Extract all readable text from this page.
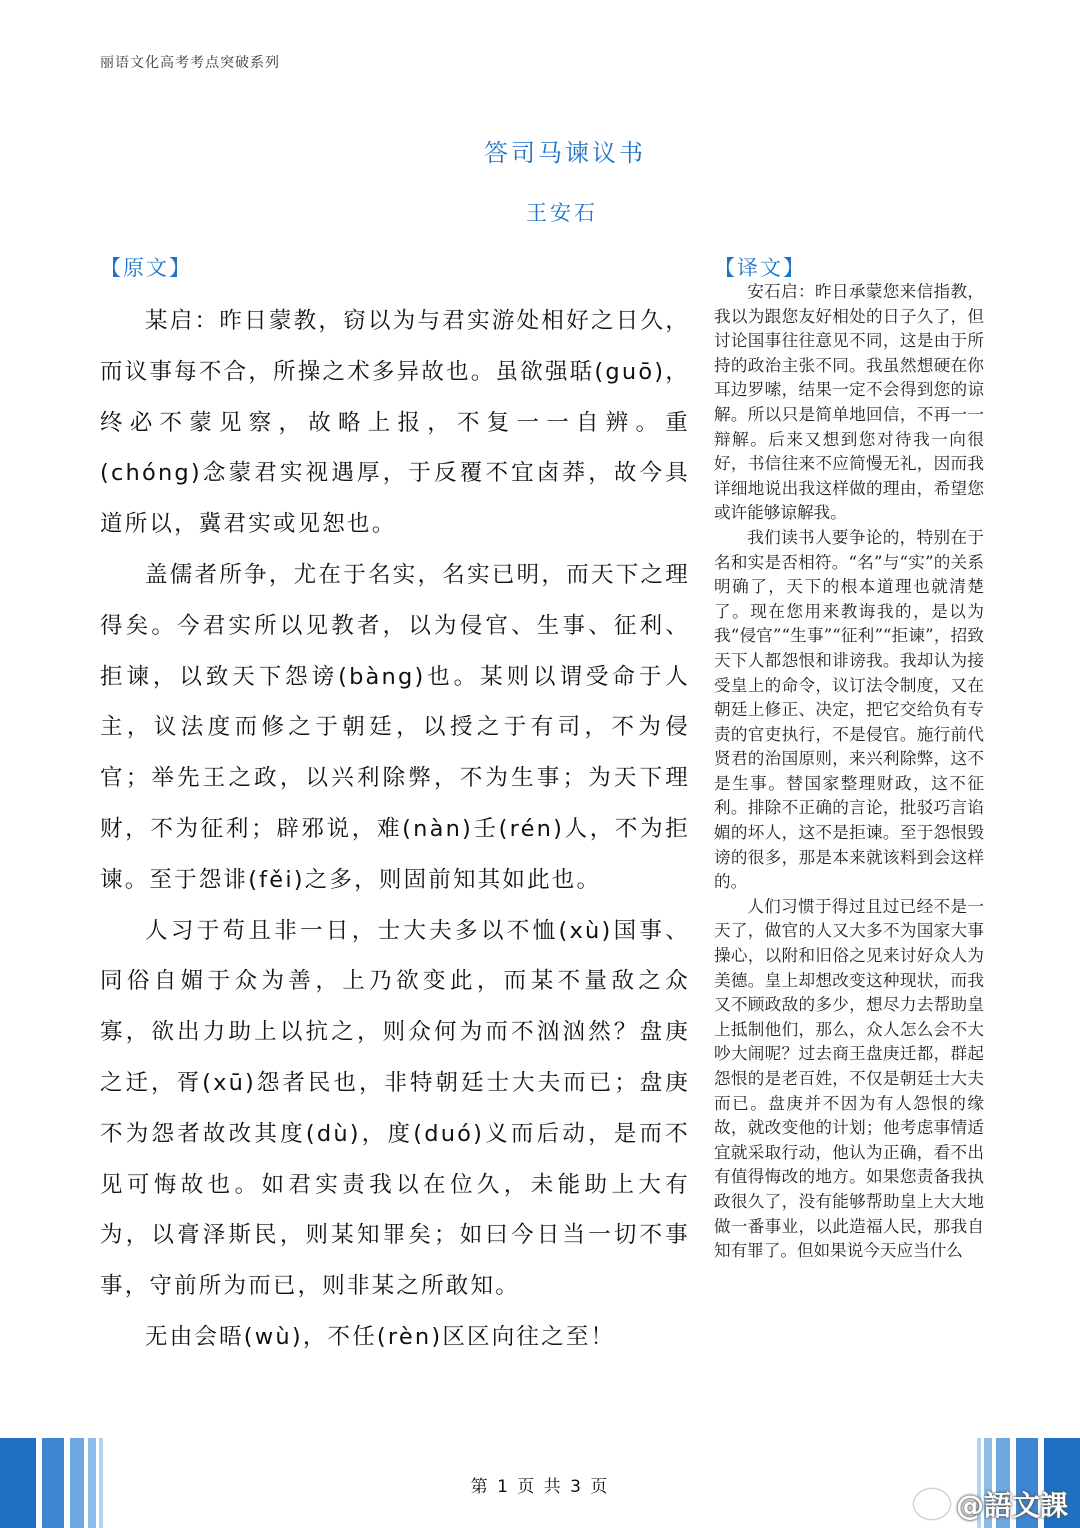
丽语文化高考考点突破系列
答司马谏议书
王安石
【原文】	【译文】

某启：昨日蒙教，窃以为与君实游处相好之日久，而议事每不合，所操之术多异故也。虽欲强聒(guō)，终必不蒙见察，故略上报，不复一一自辨。重(chóng)念蒙君实视遇厚，于反覆不宜卤莽，故今具道所以，冀君实或见恕也。

盖儒者所争，尤在于名实，名实已明，而天下之理得矣。今君实所以见教者，以为侵官、生事、征利、拒谏，以致天下怨谤(bàng)也。某则以谓受命于人主，议法度而修之于朝廷，以授之于有司，不为侵官；举先王之政，以兴利除弊，不为生事；为天下理财，不为征利；辟邪说，难(nàn)壬(rén)人，不为拒谏。至于怨诽(fěi)之多，则固前知其如此也。

人习于苟且非一日，士大夫多以不恤(xù)国事、同俗自媚于众为善，上乃欲变此，而某不量敌之众寡，欲出力助上以抗之，则众何为而不汹汹然？盘庚之迁，胥(xū)怨者民也，非特朝廷士大夫而已；盘庚不为怨者故改其度(dù)，度(duó)义而后动，是而不见可悔故也。如君实责我以在位久，未能助上大有为，以膏泽斯民，则某知罪矣；如曰今日当一切不事事，守前所为而已，则非某之所敢知。

无由会晤(wù)，不任(rèn)区区向往之至！

安石启：昨日承蒙您来信指教，我以为跟您友好相处的日子久了，但讨论国事往往意见不同，这是由于所持的政治主张不同。我虽然想硬在你耳边罗嗦，结果一定不会得到您的谅解。所以只是简单地回信，不再一一辩解。后来又想到您对待我一向很好，书信往来不应简慢无礼，因而我详细地说出我这样做的理由，希望您或许能够谅解我。

我们读书人要争论的，特别在于名和实是否相符。“名”与“实”的关系明确了，天下的根本道理也就清楚了。现在您用来教诲我的，是以为我“侵官”“生事”“征利”“拒谏”，招致天下人都怨恨和诽谤我。我却认为接受皇上的命令，议订法令制度，又在朝廷上修正、决定，把它交给负有专责的官吏执行，不是侵官。施行前代贤君的治国原则，来兴利除弊，这不是生事。替国家整理财政，这不征利。排除不正确的言论，批驳巧言谄媚的坏人，这不是拒谏。至于怨恨毁谤的很多，那是本来就该料到会这样的。

人们习惯于得过且过已经不是一天了，做官的人又大多不为国家大事操心，以附和旧俗之见来讨好众人为美德。皇上却想改变这种现状，而我又不顾政敌的多少，想尽力去帮助皇上抵制他们，那么，众人怎么会不大吵大闹呢？过去商王盘庚迁都，群起怨恨的是老百姓，不仅是朝廷士大夫而已。盘庚并不因为有人怨恨的缘故，就改变他的计划；他考虑事情适宜就采取行动，他认为正确，看不出有值得悔改的地方。如果您责备我执政很久了，没有能够帮助皇上大大地做一番事业，以此造福人民，那我自知有罪了。但如果说今天应当什么

第 1 页 共 3 页
@語文課
